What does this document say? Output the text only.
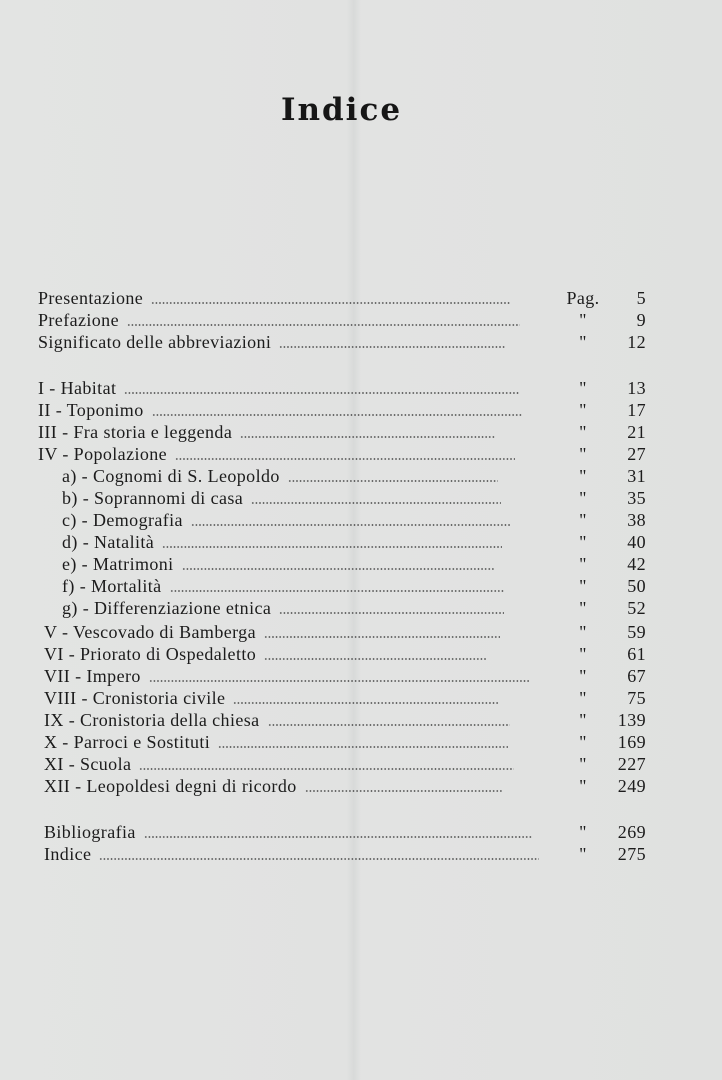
Indice
Presentazione	Pag.	5
Prefazione	"	9
Significato delle abbreviazioni	"	12
I - Habitat	"	13
II - Toponimo	"	17
III - Fra storia e leggenda	"	21
IV - Popolazione	"	27
a) - Cognomi di S. Leopoldo	"	31
b) - Soprannomi di casa	"	35
c) - Demografia	"	38
d) - Natalità	"	40
e) - Matrimoni	"	42
f) - Mortalità	"	50
g) - Differenziazione etnica	"	52
V - Vescovado di Bamberga	"	59
VI - Priorato di Ospedaletto	"	61
VII - Impero	"	67
VIII - Cronistoria civile	"	75
IX - Cronistoria della chiesa	"	139
X - Parroci e Sostituti	"	169
XI - Scuola	"	227
XII - Leopoldesi degni di ricordo	"	249
Bibliografia	"	269
Indice	"	275
